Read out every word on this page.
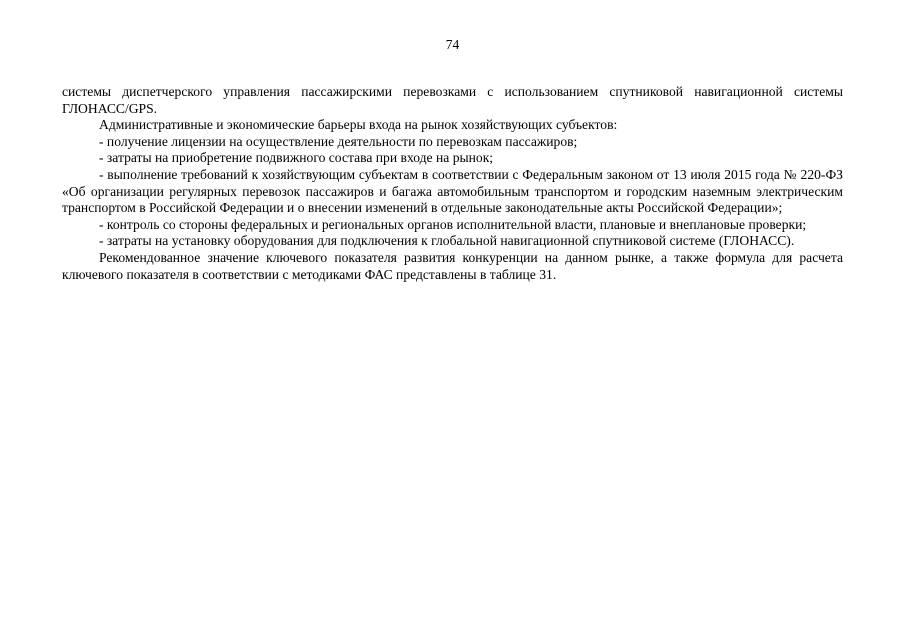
74

системы диспетчерского управления пассажирскими перевозками с использованием спутниковой навигационной системы ГЛОНАСС/GPS.

Административные и экономические барьеры входа на рынок хозяйствующих субъектов:

- получение лицензии на осуществление деятельности по перевозкам пассажиров;

- затраты на приобретение подвижного состава при входе на рынок;

- выполнение требований к хозяйствующим субъектам в соответствии с Федеральным законом от 13 июля 2015 года № 220-ФЗ «Об организации регулярных перевозок пассажиров и багажа автомобильным транспортом и городским наземным электрическим транспортом в Российской Федерации и о внесении изменений в отдельные законодательные акты Российской Федерации»;

- контроль со стороны федеральных и региональных органов исполнительной власти, плановые и внеплановые проверки;

- затраты на установку оборудования для подключения к глобальной навигационной спутниковой системе (ГЛОНАСС).

Рекомендованное значение ключевого показателя развития конкуренции на данном рынке, а также формула для расчета ключевого показателя в соответствии с методиками ФАС представлены в таблице 31.
